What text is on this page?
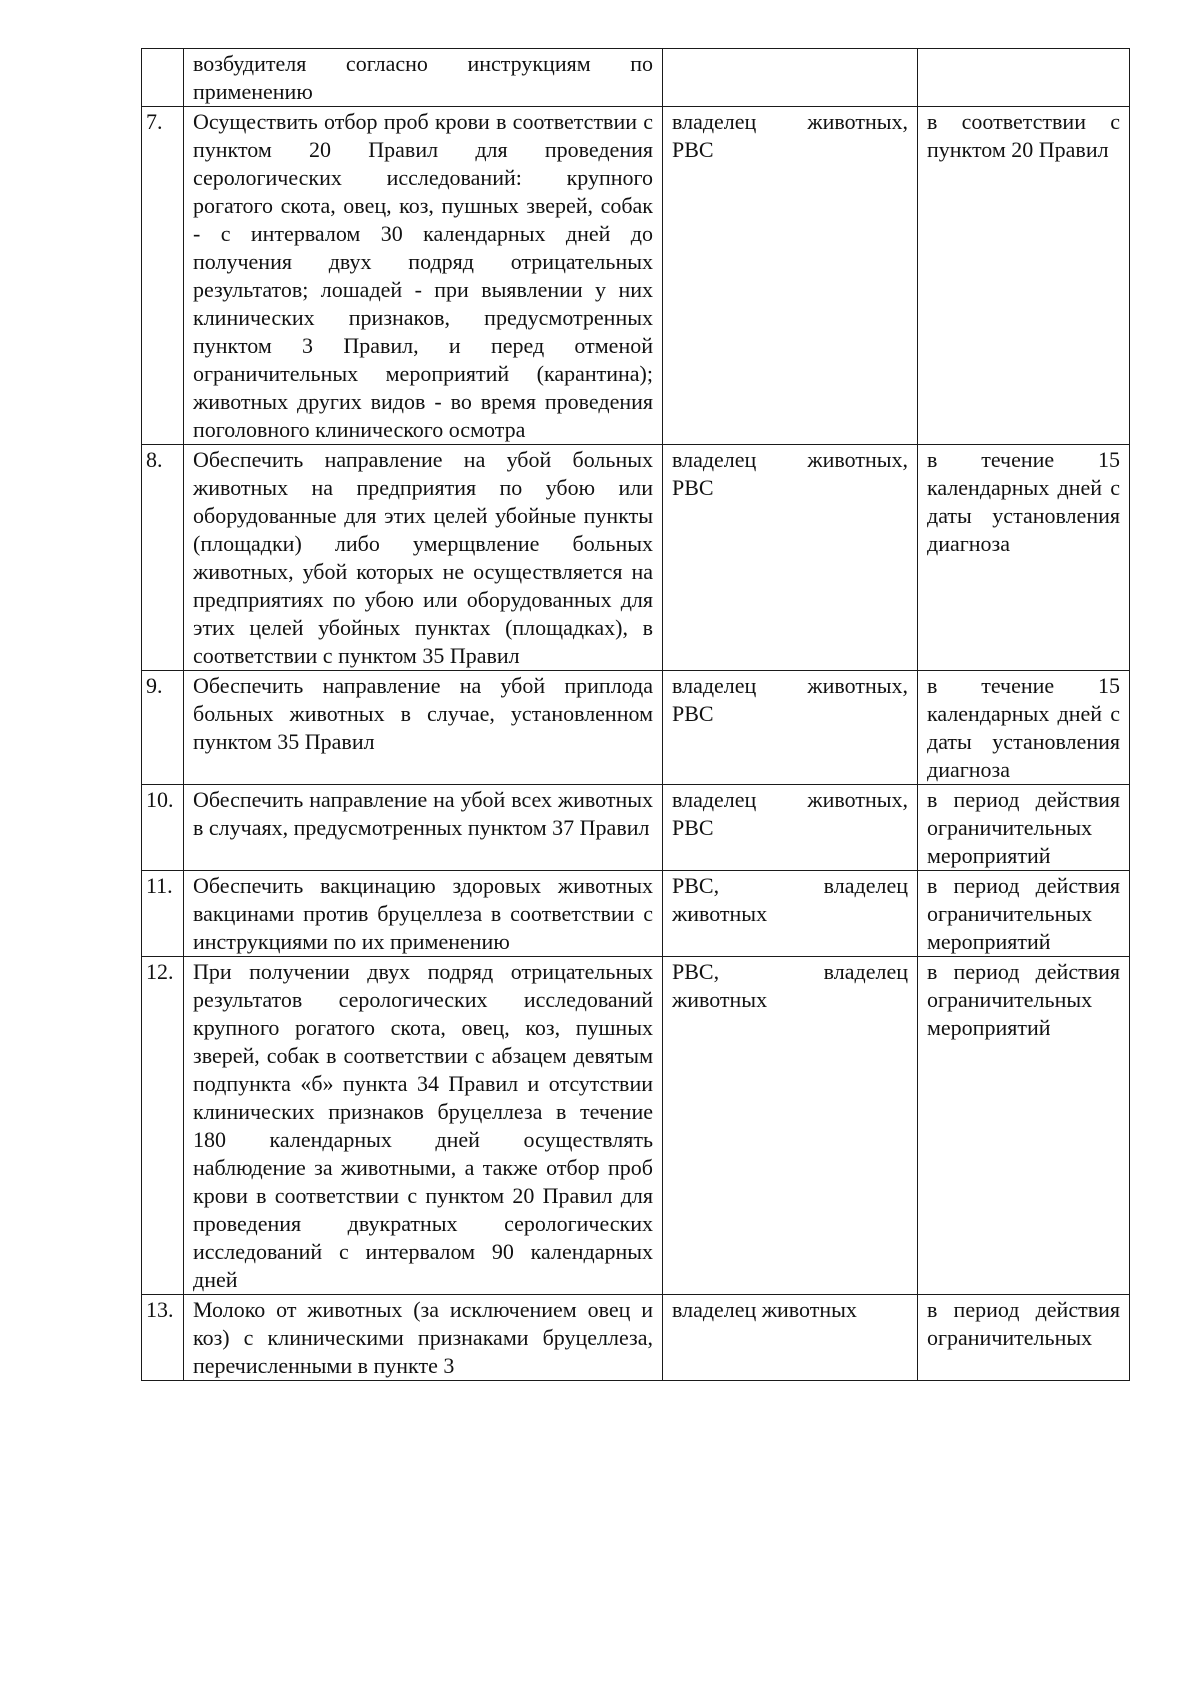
	возбудителя согласно инструкциям по применению		
7.	Осуществить отбор проб крови в соответствии с пунктом 20 Правил для проведения серологических исследований: крупного рогатого скота, овец, коз, пушных зверей, собак - с интервалом 30 календарных дней до получения двух подряд отрицательных результатов; лошадей - при выявлении у них клинических признаков, предусмотренных пунктом 3 Правил, и перед отменой ограничительных мероприятий (карантина); животных других видов - во время проведения поголовного клинического осмотра	владелец животных, РВС	в соответствии с пунктом 20 Правил
8.	Обеспечить направление на убой больных животных на предприятия по убою или оборудованные для этих целей убойные пункты (площадки) либо умерщвление больных животных, убой которых не осуществляется на предприятиях по убою или оборудованных для этих целей убойных пунктах (площадках), в соответствии с пунктом 35 Правил	владелец животных, РВС	в течение 15 календарных дней с даты установления диагноза
9.	Обеспечить направление на убой приплода больных животных в случае, установленном пунктом 35 Правил	владелец животных, РВС	в течение 15 календарных дней с даты установления диагноза
10.	Обеспечить направление на убой всех животных в случаях, предусмотренных пунктом 37 Правил	владелец животных, РВС	в период действия ограничительных мероприятий
11.	Обеспечить вакцинацию здоровых животных вакцинами против бруцеллеза в соответствии с инструкциями по их применению	РВС, владелец животных	в период действия ограничительных мероприятий
12.	При получении двух подряд отрицательных результатов серологических исследований крупного рогатого скота, овец, коз, пушных зверей, собак в соответствии с абзацем девятым подпункта «б» пункта 34 Правил и отсутствии клинических признаков бруцеллеза в течение 180 календарных дней осуществлять наблюдение за животными, а также отбор проб крови в соответствии с пунктом 20 Правил для проведения двукратных серологических исследований с интервалом 90 календарных дней	РВС, владелец животных	в период действия ограничительных мероприятий
13.	Молоко от животных (за исключением овец и коз) с клиническими признаками бруцеллеза, перечисленными в пункте 3	владелец животных	в период действия ограничительных
